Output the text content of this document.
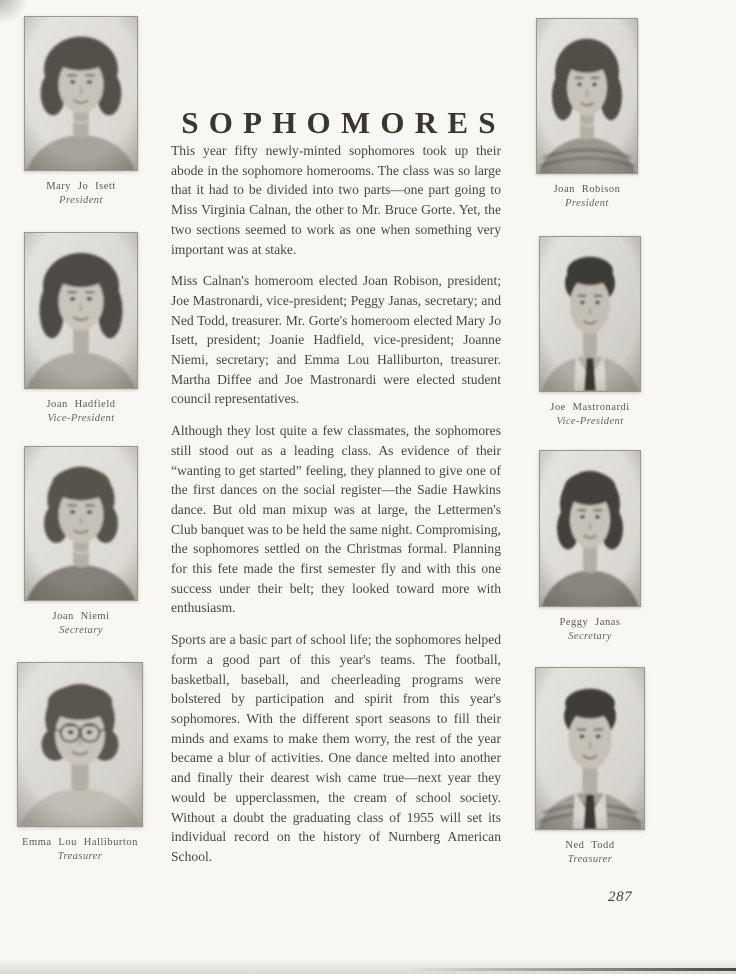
Mary Jo Isett
President
Joan Hadfield
Vice-President
Joan Niemi
Secretary
Emma Lou Halliburton
Treasurer
Joan Robison
President
Joe Mastronardi
Vice-President
Peggy Janas
Secretary
Ned Todd
Treasurer
SOPHOMORES

This year fifty newly-minted sophomores took up their abode in the sophomore homerooms. The class was so large that it had to be divided into two parts—one part going to Miss Virginia Calnan, the other to Mr. Bruce Gorte. Yet, the two sections seemed to work as one when something very important was at stake.

Miss Calnan's homeroom elected Joan Robison, president; Joe Mastronardi, vice-president; Peggy Janas, secretary; and Ned Todd, treasurer. Mr. Gorte's homeroom elected Mary Jo Isett, president; Joanie Hadfield, vice-president; Joanne Niemi, secretary; and Emma Lou Halliburton, treasurer. Martha Diffee and Joe Mastronardi were elected student council representatives.

Although they lost quite a few classmates, the sophomores still stood out as a leading class. As evidence of their “wanting to get started” feeling, they planned to give one of the first dances on the social register—the Sadie Hawkins dance. But old man mixup was at large, the Lettermen's Club banquet was to be held the same night. Compromising, the sophomores settled on the Christmas formal. Planning for this fete made the first semester fly and with this one success under their belt; they looked toward more with enthusiasm.

Sports are a basic part of school life; the sophomores helped form a good part of this year's teams. The football, basketball, baseball, and cheerleading programs were bolstered by participation and spirit from this year's sophomores. With the different sport seasons to fill their minds and exams to make them worry, the rest of the year became a blur of activities. One dance melted into another and finally their dearest wish came true—next year they would be upperclassmen, the cream of school society. Without a doubt the graduating class of 1955 will set its individual record on the history of Nurnberg American School.

287
